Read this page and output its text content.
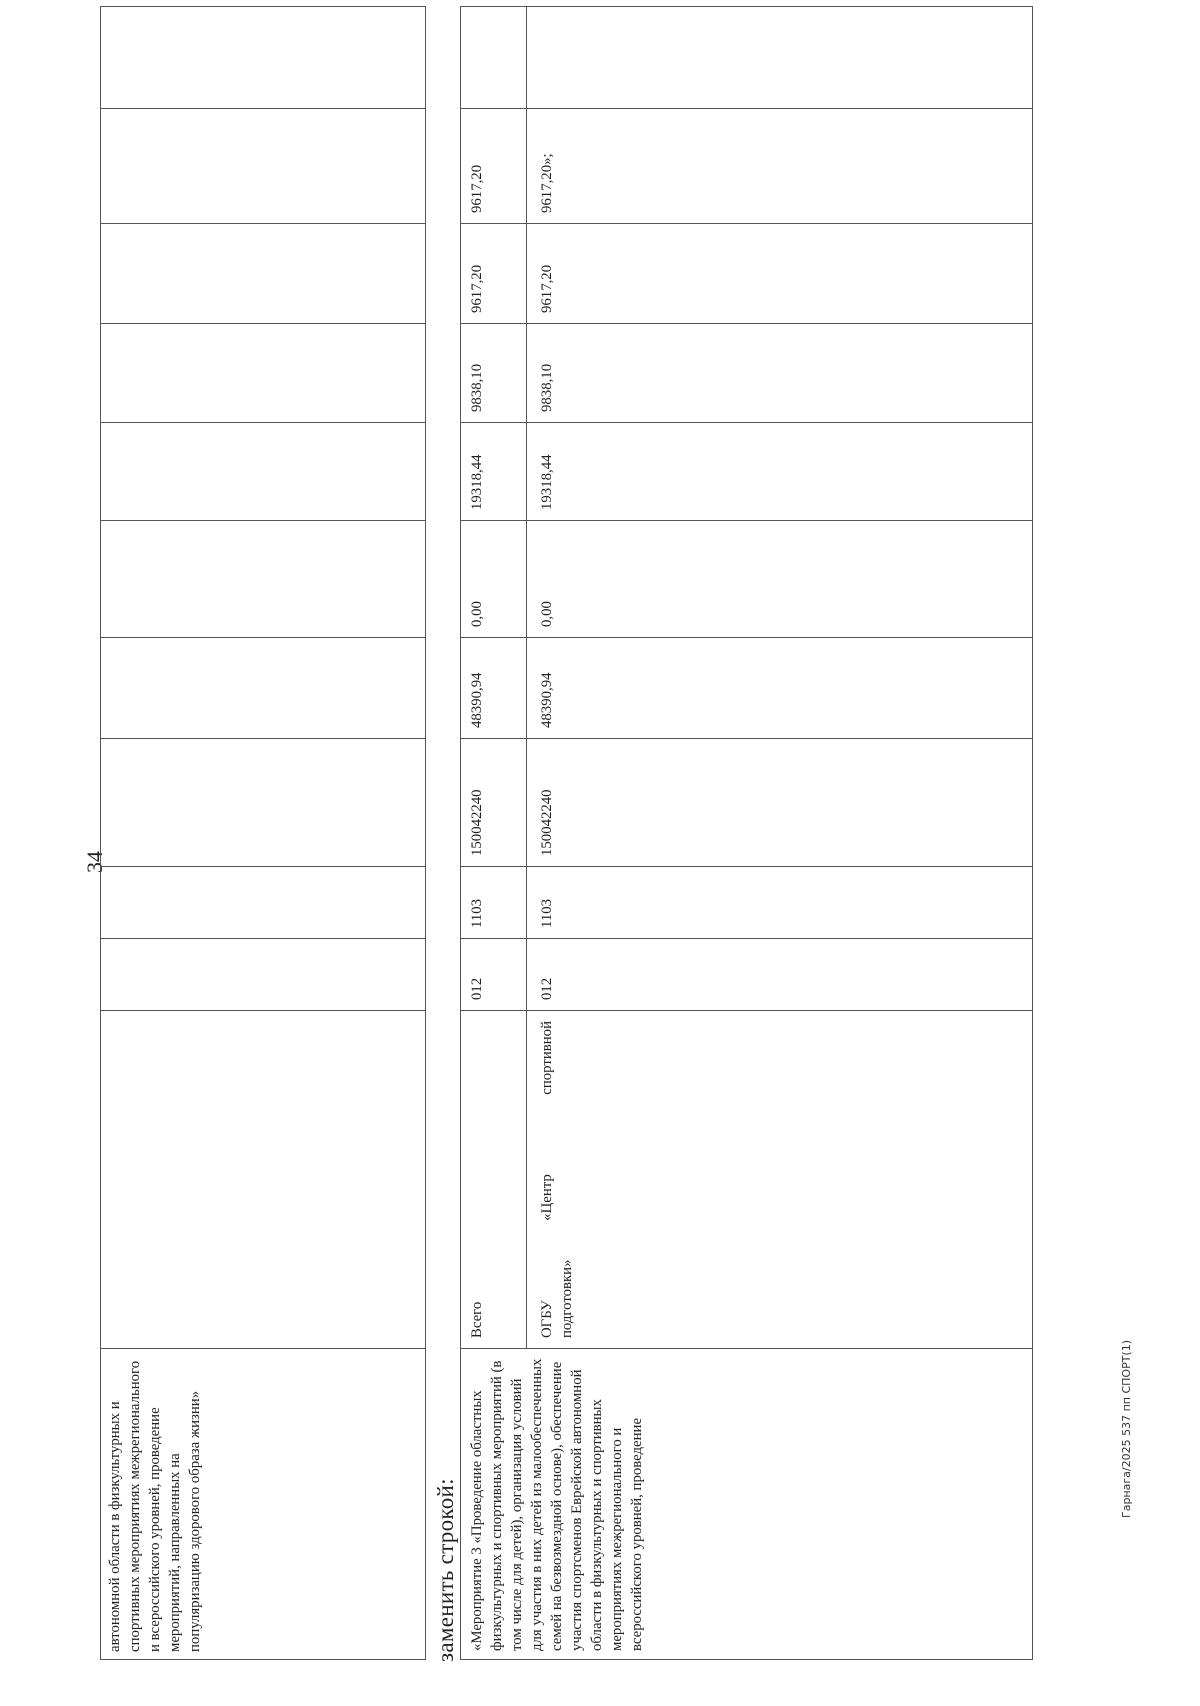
34
Гарнага/2025 537 пп СПОРТ(1)
автономной области в физкультурных и спортивных мероприятиях межрегионального и всероссийского уровней, проведение мероприятий, направленных на популяризацию здорового образа жизни»
												заменить строкой: «Мероприятие 3 «Проведение областных физкультурных и спортивных мероприятий (в том числе для детей), организация условий для участия в них детей из малообеспеченных семей на безвозмездной основе), обеспечение участия спортсменов Еврейской автономной области в физкультурных и спортивных мероприятиях межрегионального и всероссийского уровней, проведение	Всего	012	1103	150042240	48390,94	0,00	19318,44	9838,10	9617,20	9617,20	

	ОГБУ
«Центр
спортивной
подготовки»	012	1103	150042240	48390,94	0,00	19318,44	9838,10	9617,20	9617,20»;	
